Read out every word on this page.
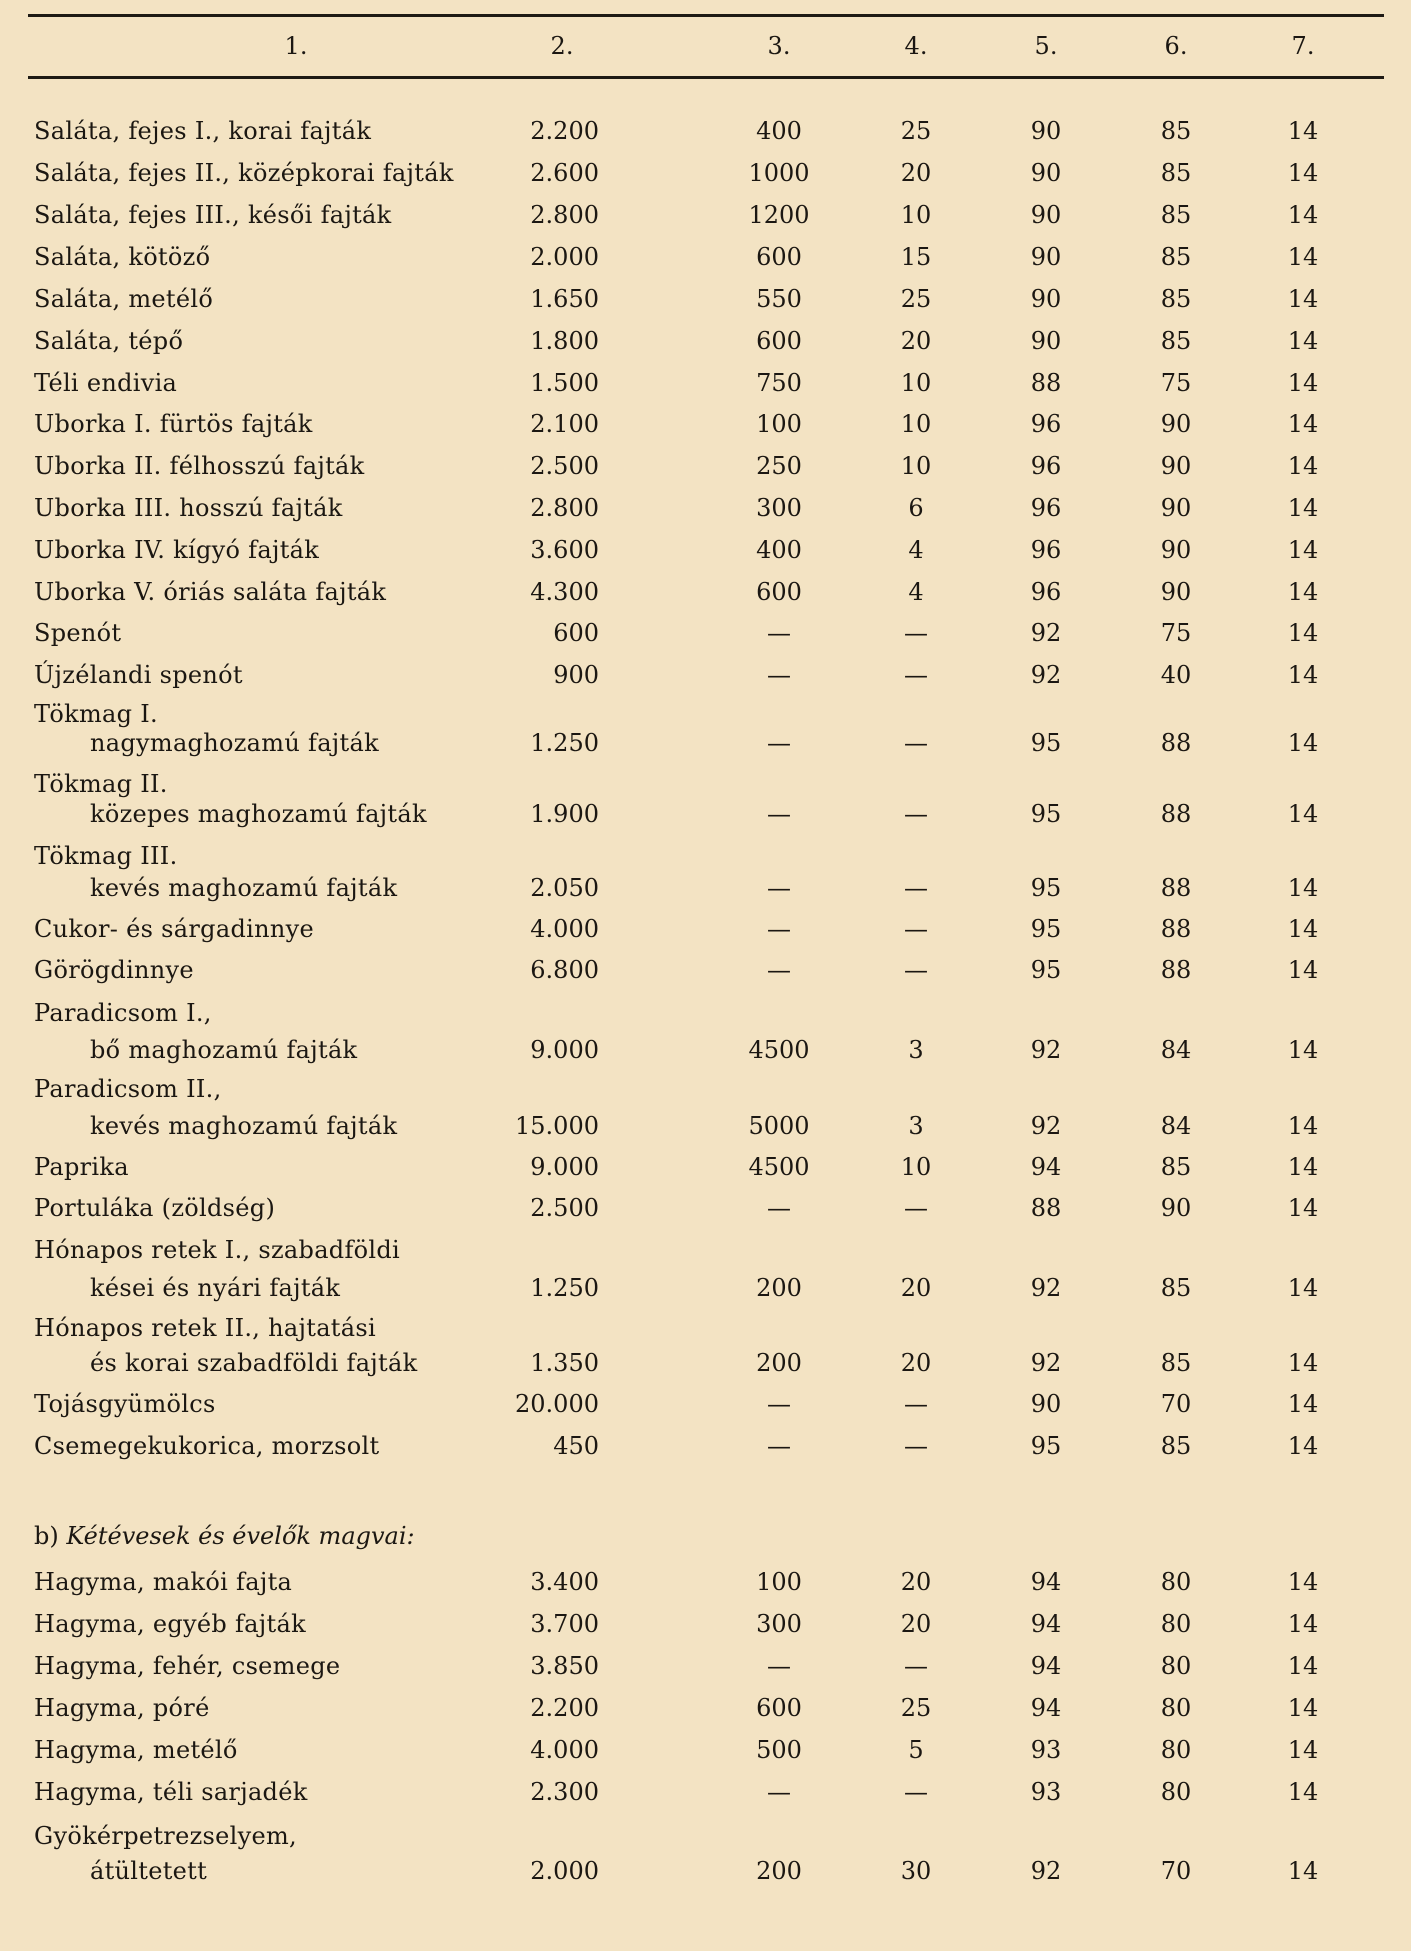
1.	2.	3.	4.	5.	6.	7.
Saláta, fejes I., korai fajták	2.200	400	25	90	85	14
Saláta, fejes II., középkorai fajták	2.600	1000	20	90	85	14
Saláta, fejes III., késői fajták	2.800	1200	10	90	85	14
Saláta, kötöző	2.000	600	15	90	85	14
Saláta, metélő	1.650	550	25	90	85	14
Saláta, tépő	1.800	600	20	90	85	14
Téli endivia	1.500	750	10	88	75	14
Uborka I. fürtös fajták	2.100	100	10	96	90	14
Uborka II. félhosszú fajták	2.500	250	10	96	90	14
Uborka III. hosszú fajták	2.800	300	6	96	90	14
Uborka IV. kígyó fajták	3.600	400	4	96	90	14
Uborka V. óriás saláta fajták	4.300	600	4	96	90	14
Spenót	600	—	—	92	75	14
Újzélandi spenót	900	—	—	92	40	14
Tökmag I.
nagymaghozamú fajták	1.250	—	—	95	88	14
Tökmag II.
közepes maghozamú fajták	1.900	—	—	95	88	14
Tökmag III.
kevés maghozamú fajták	2.050	—	—	95	88	14
Cukor- és sárgadinnye	4.000	—	—	95	88	14
Görögdinnye	6.800	—	—	95	88	14
Paradicsom I.,
bő maghozamú fajták	9.000	4500	3	92	84	14
Paradicsom II.,
kevés maghozamú fajták	15.000	5000	3	92	84	14
Paprika	9.000	4500	10	94	85	14
Portuláka (zöldség)	2.500	—	—	88	90	14
Hónapos retek I., szabadföldi
kései és nyári fajták	1.250	200	20	92	85	14
Hónapos retek II., hajtatási
és korai szabadföldi fajták	1.350	200	20	92	85	14
Tojásgyümölcs	20.000	—	—	90	70	14
Csemegekukorica, morzsolt	450	—	—	95	85	14
b) Kétévesek és évelők magvai:
Hagyma, makói fajta	3.400	100	20	94	80	14
Hagyma, egyéb fajták	3.700	300	20	94	80	14
Hagyma, fehér, csemege	3.850	—	—	94	80	14
Hagyma, póré	2.200	600	25	94	80	14
Hagyma, metélő	4.000	500	5	93	80	14
Hagyma, téli sarjadék	2.300	—	—	93	80	14
Gyökérpetrezselyem,
átültetett	2.000	200	30	92	70	14
